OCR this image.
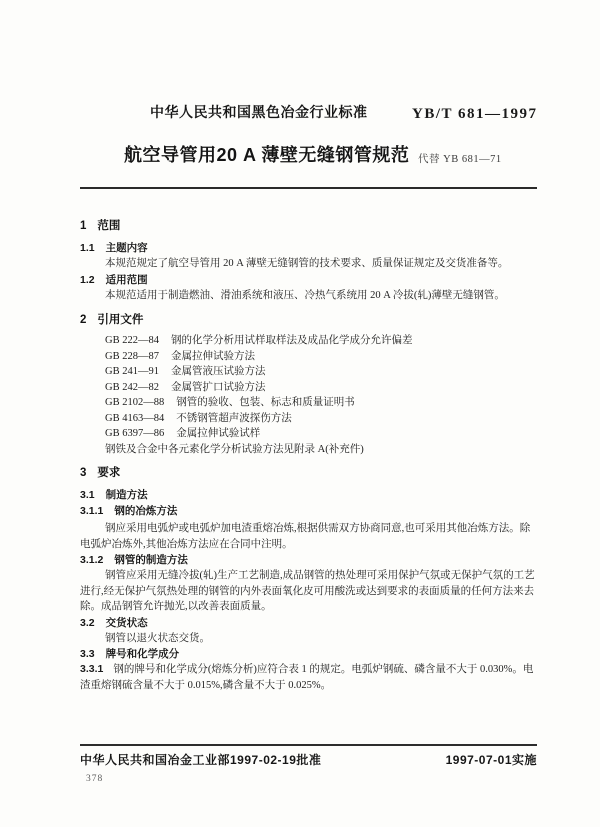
中华人民共和国黑色冶金行业标准	YB/T 681—1997
航空导管用20 A 薄壁无缝钢管规范 代替 YB 681—71
1 范围
1.1 主题内容

本规范规定了航空导管用 20 A 薄壁无缝钢管的技术要求、质量保证规定及交货准备等。

1.2 适用范围

本规范适用于制造燃油、滑油系统和液压、冷热气系统用 20 A 冷拔(轧)薄壁无缝钢管。

2 引用文件
GB 222—84 钢的化学分析用试样取样法及成品化学成分允许偏差
GB 228—87 金属拉伸试验方法
GB 241—91 金属管液压试验方法
GB 242—82 金属管扩口试验方法
GB 2102—88 钢管的验收、包装、标志和质量证明书
GB 4163—84 不锈钢管超声波探伤方法
GB 6397—86 金属拉伸试验试样
钢铁及合金中各元素化学分析试验方法见附录 A(补充件)
3 要求
3.1 制造方法
3.1.1 钢的冶炼方法

钢应采用电弧炉或电弧炉加电渣重熔冶炼,根据供需双方协商同意,也可采用其他冶炼方法。除电弧炉冶炼外,其他冶炼方法应在合同中注明。

3.1.2 钢管的制造方法

钢管应采用无缝冷拔(轧)生产工艺制造,成品钢管的热处理可采用保护气氛或无保护气氛的工艺进行,经无保护气氛热处理的钢管的内外表面氧化皮可用酸洗或达到要求的表面质量的任何方法来去除。成品钢管允许抛光,以改善表面质量。

3.2 交货状态

钢管以退火状态交货。

3.3 牌号和化学成分

3.3.1 钢的牌号和化学成分(熔炼分析)应符合表 1 的规定。电弧炉钢硫、磷含量不大于 0.030%。电渣重熔钢硫含量不大于 0.015%,磷含量不大于 0.025%。

中华人民共和国冶金工业部1997-02-19批准	1997-07-01实施
378
